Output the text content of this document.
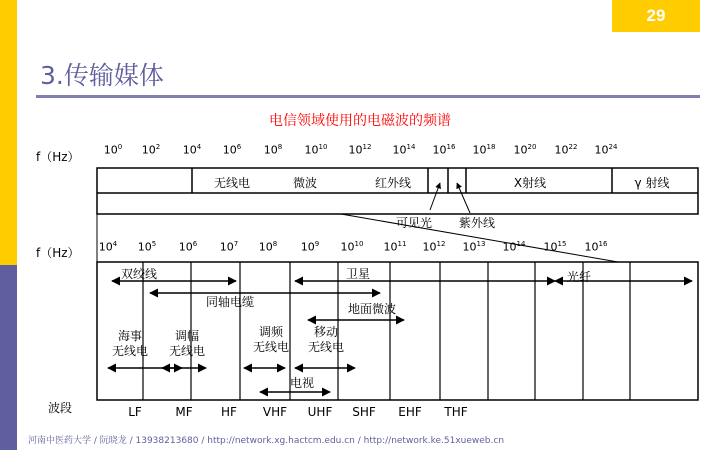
29
3.传输媒体
电信领域使用的电磁波的频谱
f（Hz）
f（Hz）
波段
$10^0$ $10^2$ $10^4$ $10^6$ $10^8$ $10^{10}$ $10^{12}$ $10^{14}$ $10^{16}$ $10^{18}$ $10^{20}$ $10^{22}$ $10^{24}$
无线电	微波	红外线	X射线	γ 射线
可见光 紫外线
$10^4$ $10^5$ $10^6$ $10^7$ $10^8$ $10^9$ $10^{10}$ $10^{11}$ $10^{12}$ $10^{13}$ $10^{14}$ $10^{15}$ $10^{16}$
双绞线	卫星	光纤
同轴电缆	地面微波
海事
无线电
调幅
无线电
调频
无线电
移动
无线电
电视
LF	MF HF VHF UHF SHF EHF THF
河南中医药大学 / 阮晓龙 / 13938213680 / http://network.xg.hactcm.edu.cn / http://network.ke.51xueweb.cn
